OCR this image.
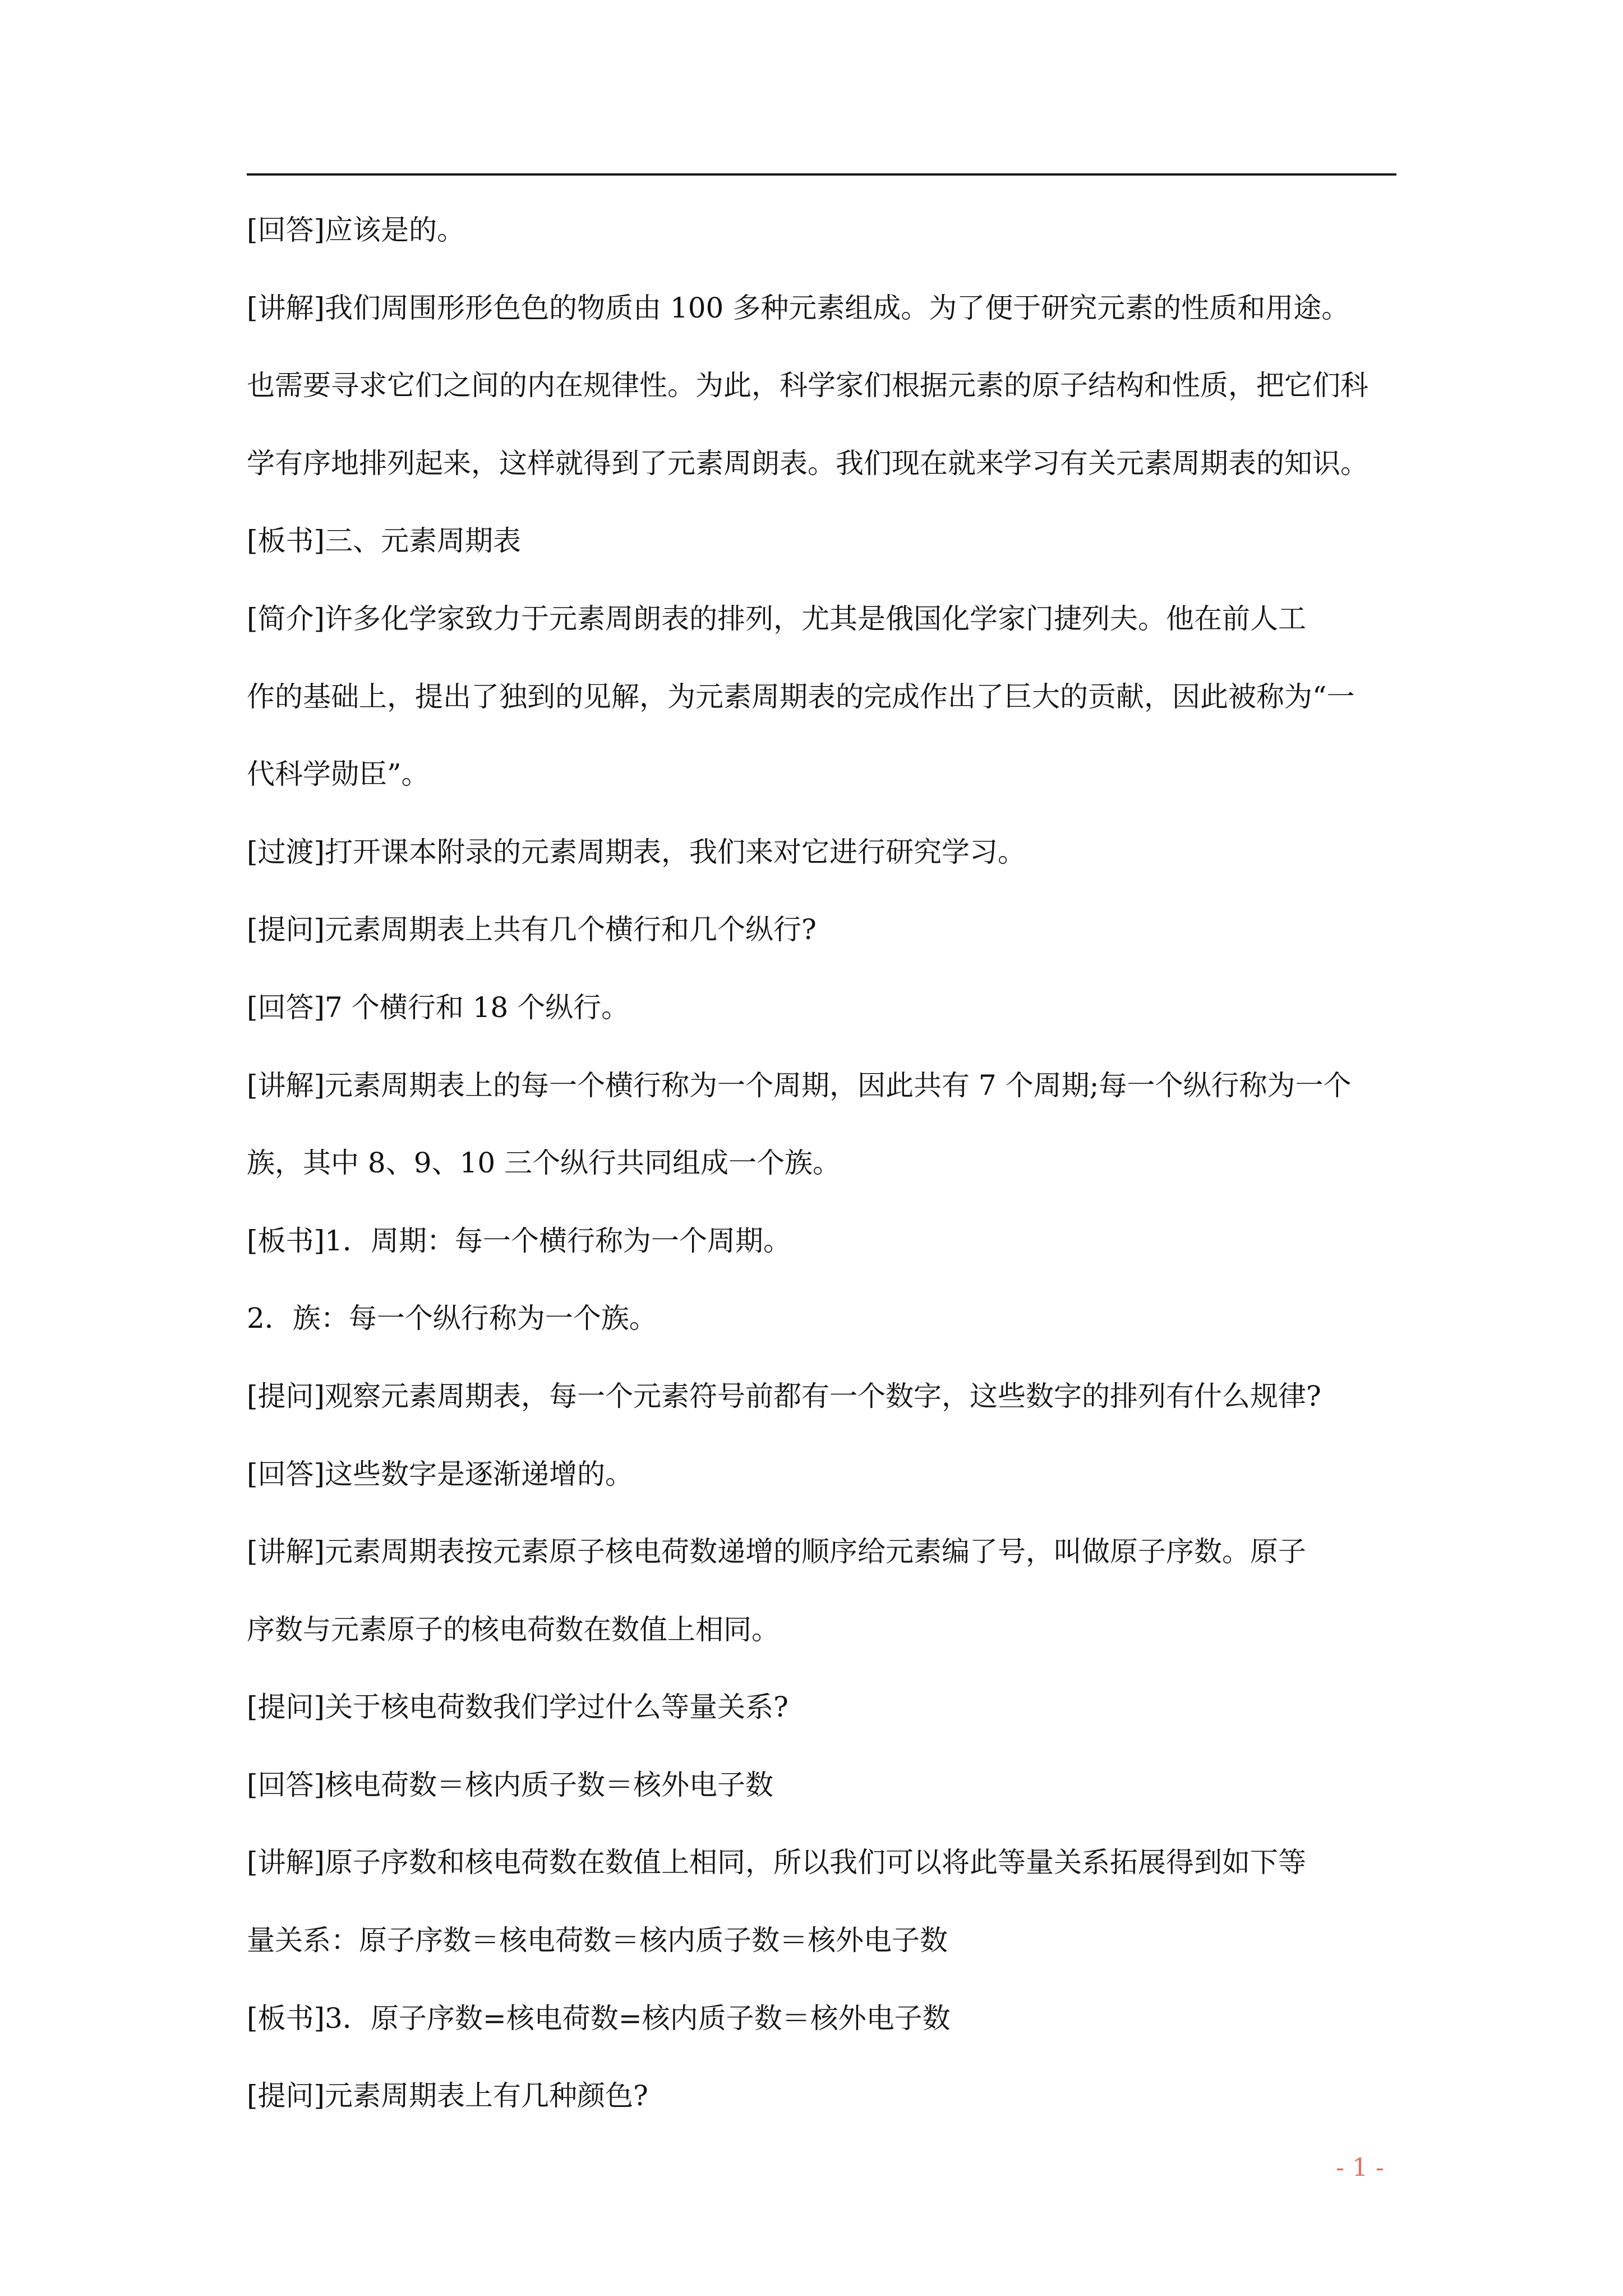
[回答]应该是的。
[讲解]我们周围形形色色的物质由 100 多种元素组成。为了便于研究元素的性质和用途。
也需要寻求它们之间的内在规律性。为此，科学家们根据元素的原子结构和性质，把它们科
学有序地排列起来，这样就得到了元素周朗表。我们现在就来学习有关元素周期表的知识。
[板书]三、元素周期表
[简介]许多化学家致力于元素周朗表的排列，尤其是俄国化学家门捷列夫。他在前人工
作的基础上，提出了独到的见解，为元素周期表的完成作出了巨大的贡献，因此被称为“一
代科学勋臣”。
[过渡]打开课本附录的元素周期表，我们来对它进行研究学习。
[提问]元素周期表上共有几个横行和几个纵行?
[回答]7 个横行和 18 个纵行。
[讲解]元素周期表上的每一个横行称为一个周期，因此共有 7 个周期;每一个纵行称为一个
族，其中 8、9、10 三个纵行共同组成一个族。
[板书]1．周期：每一个横行称为一个周期。
2．族：每一个纵行称为一个族。
[提问]观察元素周期表，每一个元素符号前都有一个数字，这些数字的排列有什么规律?
[回答]这些数字是逐渐递增的。
[讲解]元素周期表按元素原子核电荷数递增的顺序给元素编了号，叫做原子序数。原子
序数与元素原子的核电荷数在数值上相同。
[提问]关于核电荷数我们学过什么等量关系?
[回答]核电荷数＝核内质子数＝核外电子数
[讲解]原子序数和核电荷数在数值上相同，所以我们可以将此等量关系拓展得到如下等
量关系：原子序数＝核电荷数＝核内质子数＝核外电子数
[板书]3．原子序数=核电荷数=核内质子数＝核外电子数
[提问]元素周期表上有几种颜色?
- 1 -
